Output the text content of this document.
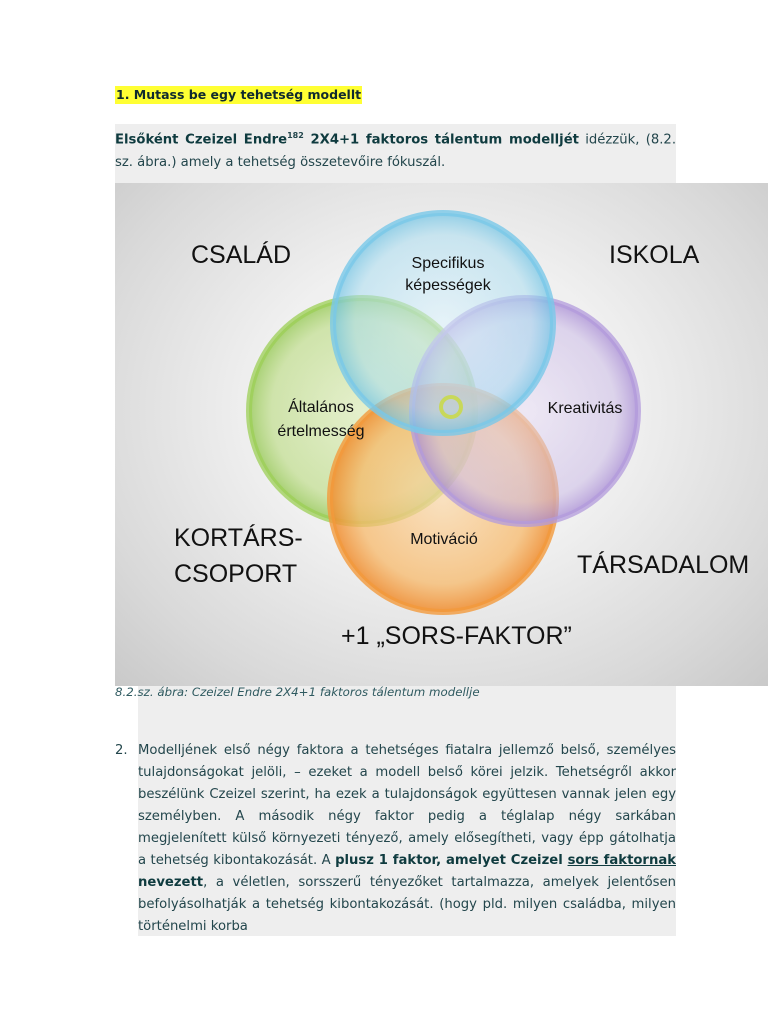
1. Mutass be egy tehetség modellt
Elsőként Czeizel Endre$^{182}$ 2X4+1 faktoros tálentum modelljét idézzük, (8.2. sz. ábra.) amely a tehetség összetevőire fókuszál.
Specifikus
képességek
Általános
értelmesség
Kreativitás
Motiváció
CSALÁD	ISKOLA
KORTÁRS-
CSOPORT	TÁRSADALOM
+1 „SORS-FAKTOR”
8.2.sz. ábra: Czeizel Endre 2X4+1 faktoros tálentum modellje
2. Modelljének első négy faktora a tehetséges fiatalra jellemző belső, személyes tulajdonságokat jelöli, – ezeket a modell belső körei jelzik. Tehetségről akkor beszélünk Czeizel szerint, ha ezek a tulajdonságok együttesen vannak jelen egy személyben. A második négy faktor pedig a téglalap négy sarkában megjelenített külső környezeti tényező, amely elősegítheti, vagy épp gátolhatja a tehetség kibontakozását. A plusz 1 faktor, amelyet Czeizel sors faktornak nevezett, a véletlen, sorsszerű tényezőket tartalmazza, amelyek jelentősen befolyásolhatják a tehetség kibontakozását. (hogy pld. milyen családba, milyen történelmi korba
